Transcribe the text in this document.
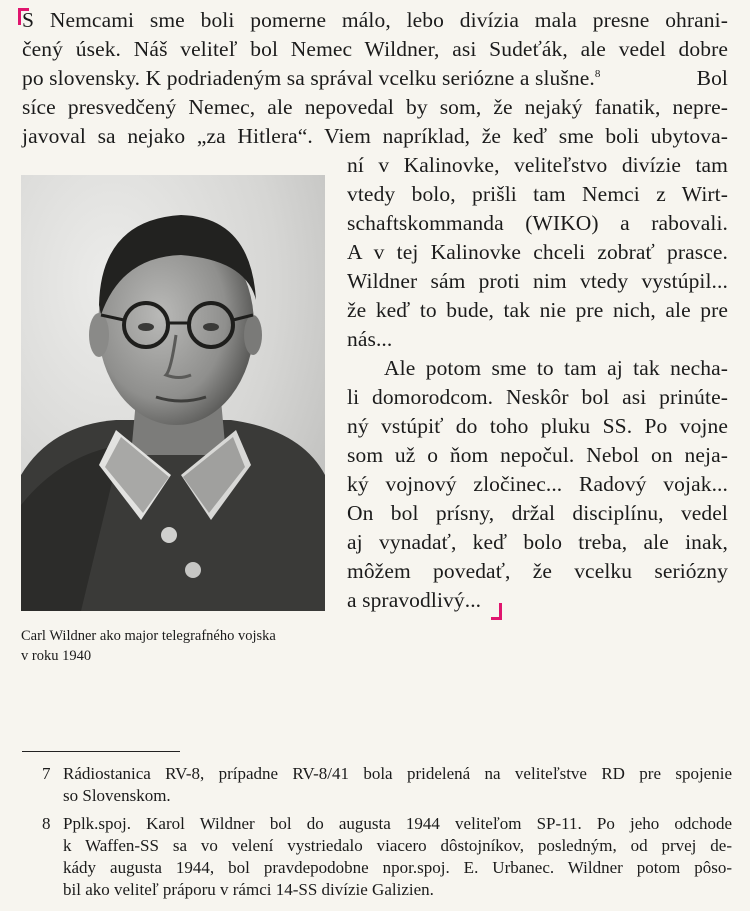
S Nemcami sme boli pomerne málo, lebo divízia mala presne ohrani-
čený úsek. Náš veliteľ bol Nemec Wildner, asi Sudeťák, ale vedel dobre
po slovensky. K podriadeným sa správal vcelku seriózne a slušne.$^8$	Bol
síce presvedčený Nemec, ale nepovedal by som, že nejaký fanatik, nepre-
javoval sa nejako „za Hitlera“. Viem napríklad, že keď sme boli ubytova-
ní v Kalinovke, veliteľstvo divízie tam
vtedy bolo, prišli tam Nemci z Wirt-
schaftskommanda (WIKO) a rabovali.
A v tej Kalinovke chceli zobrať prasce.
Wildner sám proti nim vtedy vystúpil...
že keď to bude, tak nie pre nich, ale pre
nás...
Ale potom sme to tam aj tak necha-
li domorodcom. Neskôr bol asi prinúte-
ný vstúpiť do toho pluku SS. Po vojne
som už o ňom nepočul. Nebol on neja-
ký vojnový zločinec... Radový vojak...
On bol prísny, držal disciplínu, vedel
aj vynadať, keď bolo treba, ale inak,
môžem povedať, že vcelku seriózny
a spravodlivý...
Carl Wildner ako major telegrafného vojska
v roku 1940
7 Rádiostanica RV-8, prípadne RV-8/41 bola pridelená na veliteľstve RD pre spojenie
so Slovenskom.
8 Pplk.spoj. Karol Wildner bol do augusta 1944 veliteľom SP-11. Po jeho odchode
k Waffen-SS sa vo velení vystriedalo viacero dôstojníkov, posledným, od prvej de-
kády augusta 1944, bol pravdepodobne npor.spoj. E. Urbanec. Wildner potom pôso-
bil ako veliteľ práporu v rámci 14-SS divízie Galizien.
